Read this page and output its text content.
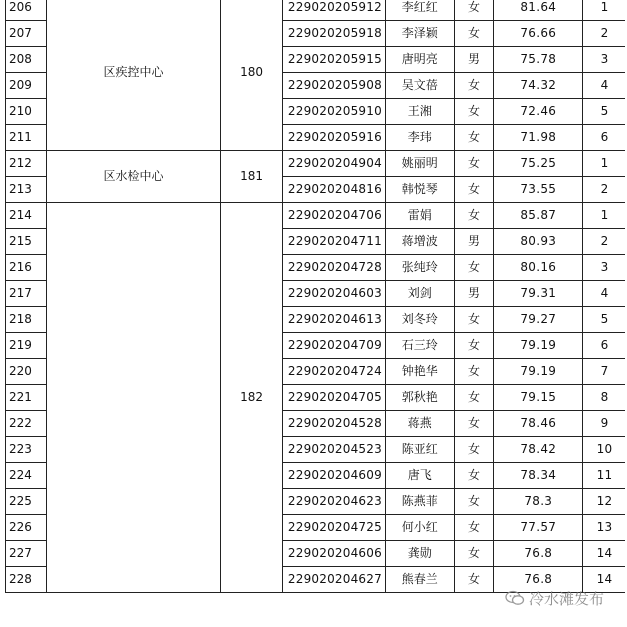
206	区疾控中心	180	229020205912	李红红	女	81.64	1
207			229020205918	李泽颖	女	76.66	2
208			229020205915	唐明亮	男	75.78	3
209			229020205908	吴文蓓	女	74.32	4
210			229020205910	王湘	女	72.46	5
211			229020205916	李玮	女	71.98	6
212	区水检中心	181	229020204904	姚丽明	女	75.25	1
213			229020204816	韩悦琴	女	73.55	2
214		182	229020204706	雷娟	女	85.87	1
215			229020204711	蒋增波	男	80.93	2
216			229020204728	张纯玲	女	80.16	3
217			229020204603	刘剑	男	79.31	4
218			229020204613	刘冬玲	女	79.27	5
219			229020204709	石三玲	女	79.19	6
220			229020204724	钟艳华	女	79.19	7
221			229020204705	郭秋艳	女	79.15	8
222			229020204528	蒋燕	女	78.46	9
223			229020204523	陈亚红	女	78.42	10
224			229020204609	唐飞	女	78.34	11
225			229020204623	陈燕菲	女	78.3	12
226			229020204725	何小红	女	77.57	13
227			229020204606	龚勋	女	76.8	14
228			229020204627	熊春兰	女	76.8	14
冷水滩发布
